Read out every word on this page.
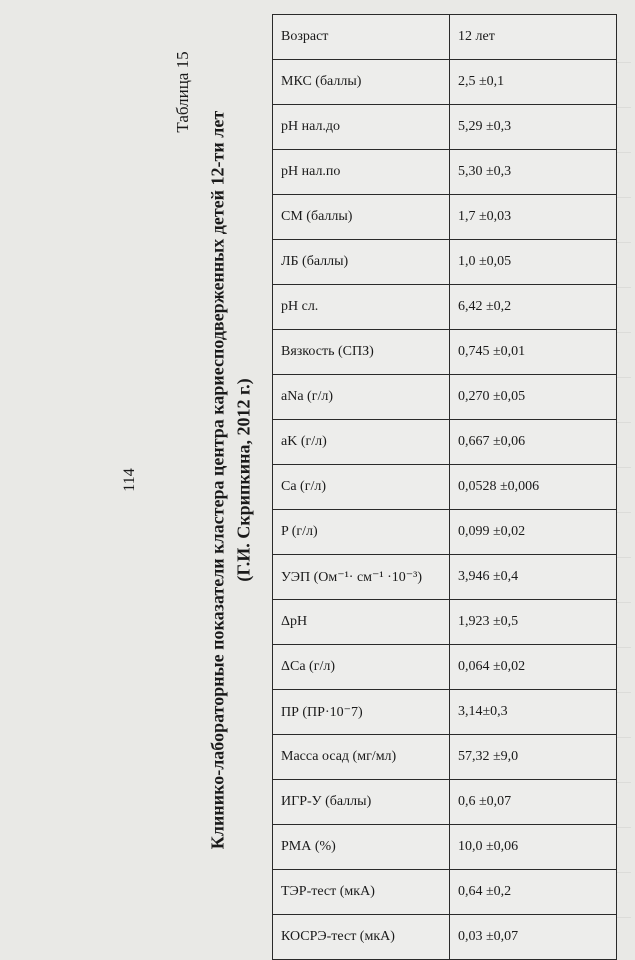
114
Таблица 15
Клинико-лабораторные показатели кластера центра кариесподверженных детей 12-ти лет (Г.И. Скрипкина, 2012 г.)
Возраст	12 лет
МКС (баллы)	2,5 ±0,1
pH нал.до	5,29 ±0,3
pH нал.по	5,30 ±0,3
СМ (баллы)	1,7 ±0,03
ЛБ (баллы)	1,0 ±0,05
pH сл.	6,42 ±0,2
Вязкость (СПЗ)	0,745 ±0,01
aNa (г/л)	0,270 ±0,05
aK (г/л)	0,667 ±0,06
Ca (г/л)	0,0528 ±0,006
P (г/л)	0,099 ±0,02
УЭП (Ом⁻¹· см⁻¹ ·10⁻³)	3,946 ±0,4
ΔpH	1,923 ±0,5
ΔCa (г/л)	0,064 ±0,02
ПР (ПР·10⁻7)	3,14±0,3
Масса осад (мг/мл)	57,32 ±9,0
ИГР-У (баллы)	0,6 ±0,07
РМА (%)	10,0 ±0,06
ТЭР-тест (мкА)	0,64 ±0,2
КОСРЭ-тест (мкА)	0,03 ±0,07
